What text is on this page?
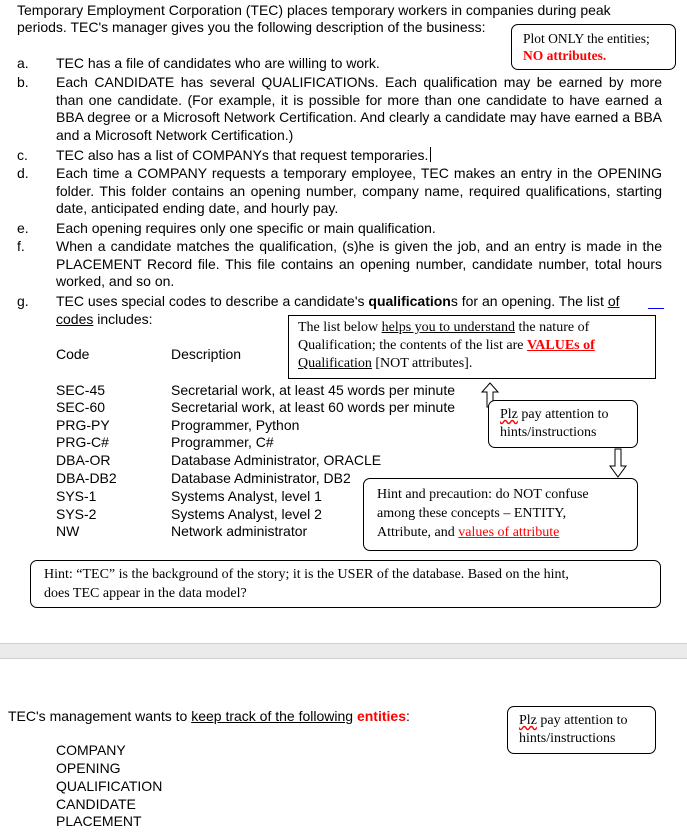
Temporary Employment Corporation (TEC) places temporary workers in companies during peak
periods. TEC's manager gives you the following description of the business:
Plot ONLY the entities;
NO attributes.
a. TEC has a file of candidates who are willing to work.
b. Each CANDIDATE has several QUALIFICATIONs. Each qualification may be earned by more than one candidate. (For example, it is possible for more than one candidate to have earned a BBA degree or a Microsoft Network Certification. And clearly a candidate may have earned a BBA and a Microsoft Network Certification.)
c. TEC also has a list of COMPANYs that request temporaries.
d. Each time a COMPANY requests a temporary employee, TEC makes an entry in the OPENING folder. This folder contains an opening number, company name, required qualifications, starting date, anticipated ending date, and hourly pay.
e. Each opening requires only one specific or main qualification.
f. When a candidate matches the qualification, (s)he is given the job, and an entry is made in the PLACEMENT Record file. This file contains an opening number, candidate number, total hours worked, and so on.
g. TEC uses special codes to describe a candidate's qualifications for an opening. The list of
codes includes:
Code	Description
SEC-45	Secretarial work, at least 45 words per minute
SEC-60	Secretarial work, at least 60 words per minute
PRG-PY	Programmer, Python
PRG-C#	Programmer, C#
DBA-OR	Database Administrator, ORACLE
DBA-DB2	Database Administrator, DB2
SYS-1	Systems Analyst, level 1
SYS-2	Systems Analyst, level 2
NW	Network administrator
The list below helps you to understand the nature of
Qualification; the contents of the list are VALUEs of
Qualification [NOT attributes].
Plz pay attention to
hints/instructions
Hint and precaution: do NOT confuse
among these concepts – ENTITY,
Attribute, and values of attribute
Hint: “TEC” is the background of the story; it is the USER of the database. Based on the hint,
does TEC appear in the data model?
TEC's management wants to keep track of the following entities:	Plz pay attention to
hints/instructions
COMPANY
OPENING
QUALIFICATION
CANDIDATE
PLACEMENT
